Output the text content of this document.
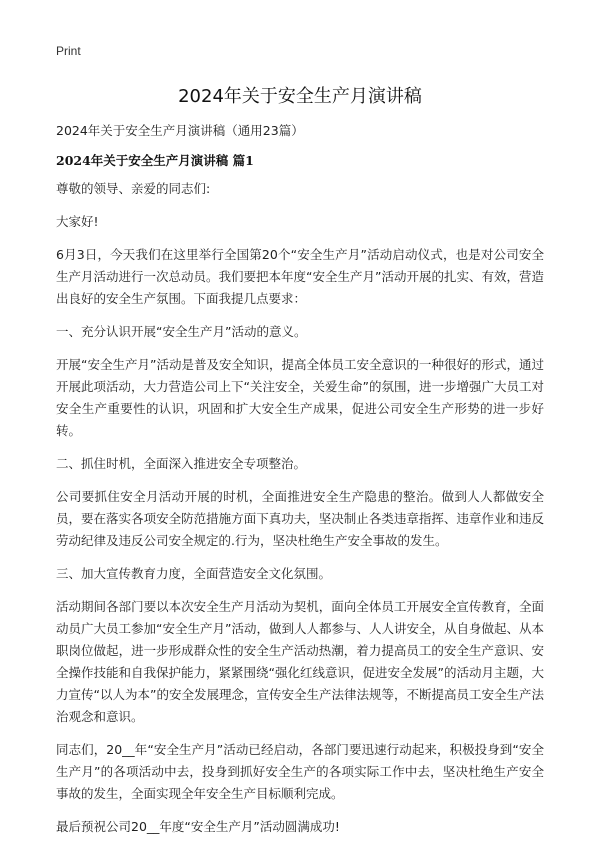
Print
2024年关于安全生产月演讲稿
2024年关于安全生产月演讲稿（通用23篇）
2024年关于安全生产月演讲稿 篇1

尊敬的领导、亲爱的同志们:

大家好!

6月3日，今天我们在这里举行全国第20个“安全生产月”活动启动仪式，也是对公司安全生产月活动进行一次总动员。我们要把本年度“安全生产月”活动开展的扎实、有效，营造出良好的安全生产氛围。下面我提几点要求：

一、充分认识开展“安全生产月”活动的意义。

开展“安全生产月”活动是普及安全知识，提高全体员工安全意识的一种很好的形式，通过开展此项活动，大力营造公司上下“关注安全，关爱生命”的氛围，进一步增强广大员工对安全生产重要性的认识，巩固和扩大安全生产成果，促进公司安全生产形势的进一步好转。

二、抓住时机，全面深入推进安全专项整治。

公司要抓住安全月活动开展的时机，全面推进安全生产隐患的整治。做到人人都做安全员，要在落实各项安全防范措施方面下真功夫，坚决制止各类违章指挥、违章作业和违反劳动纪律及违反公司安全规定的.行为，坚决杜绝生产安全事故的发生。

三、加大宣传教育力度，全面营造安全文化氛围。

活动期间各部门要以本次安全生产月活动为契机，面向全体员工开展安全宣传教育，全面动员广大员工参加“安全生产月”活动，做到人人都参与、人人讲安全，从自身做起、从本职岗位做起，进一步形成群众性的安全生产活动热潮，着力提高员工的安全生产意识、安全操作技能和自我保护能力，紧紧围绕“强化红线意识，促进安全发展”的活动月主题，大力宣传“以人为本”的安全发展理念，宣传安全生产法律法规等，不断提高员工安全生产法治观念和意识。

同志们，20__年“安全生产月”活动已经启动，各部门要迅速行动起来，积极投身到“安全生产月”的各项活动中去，投身到抓好安全生产的各项实际工作中去，坚决杜绝生产安全事故的发生，全面实现全年安全生产目标顺利完成。

最后预祝公司20__年度“安全生产月”活动圆满成功!
